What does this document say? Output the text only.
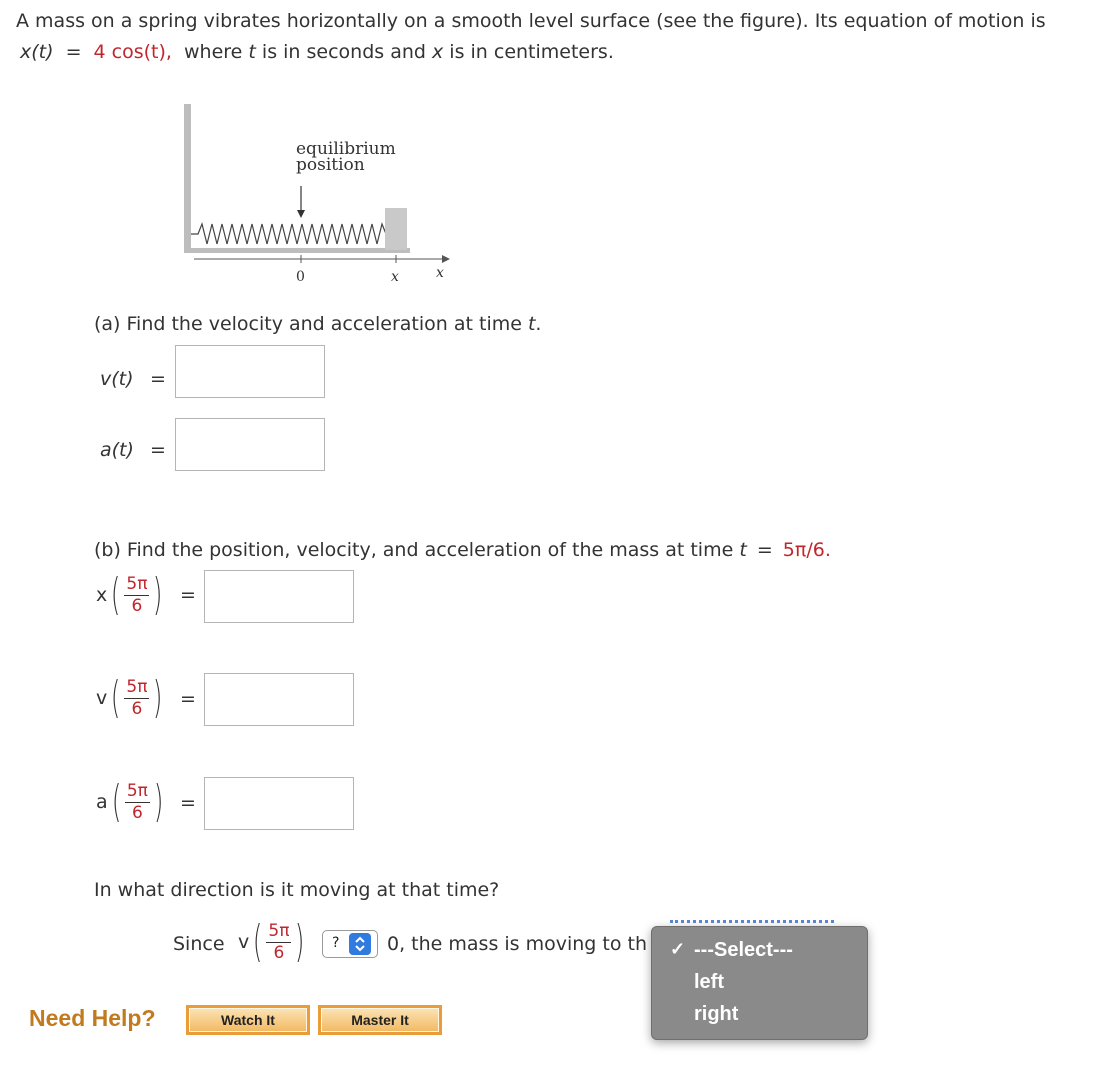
A mass on a spring vibrates horizontally on a smooth level surface (see the figure). Its equation of motion is
x(t) = 4 cos(t), where t is in seconds and x is in centimeters.
equilibrium
position
0	x	x
(a) Find the velocity and acceleration at time t.
v(t) =
a(t) =
(b) Find the position, velocity, and acceleration of the mass at time t = 5π/6.
$x( \frac{5\pi}{6}$ ) =
$v( \frac{5\pi}{6}$ ) =
$a( \frac{5\pi}{6}$ ) =
In what direction is it moving at that time?
Since $v( \frac{5\pi}{6}$ ) ?	0, the mass is moving to th ✓ ---Select---
left
right
Need Help?	Watch It	Master It
